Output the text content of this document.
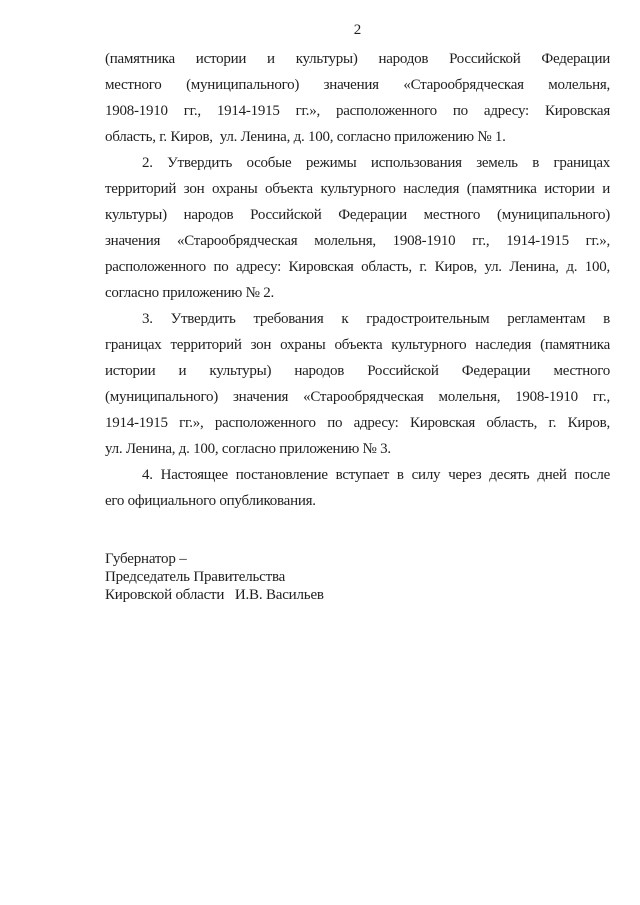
2
(памятника истории и культуры) народов Российской Федерации
местного (муниципального) значения «Старообрядческая молельня,
1908-1910 гг., 1914-1915 гг.», расположенного по адресу: Кировская
область, г. Киров,  ул. Ленина, д. 100, согласно приложению № 1.
2. Утвердить особые режимы использования земель в границах
территорий зон охраны объекта культурного наследия (памятника истории и
культуры) народов Российской Федерации местного (муниципального)
значения «Старообрядческая молельня, 1908-1910 гг., 1914-1915 гг.»,
расположенного по адресу: Кировская область, г. Киров, ул. Ленина, д. 100,
согласно приложению № 2.
3. Утвердить требования к градостроительным регламентам в
границах территорий зон охраны объекта культурного наследия (памятника
истории и культуры) народов Российской Федерации местного
(муниципального) значения «Старообрядческая молельня, 1908-1910 гг.,
1914-1915 гг.», расположенного по адресу: Кировская область, г. Киров,
ул. Ленина, д. 100, согласно приложению № 3.
4. Настоящее постановление вступает в силу через десять дней после
его официального опубликования.
Губернатор –
Председатель Правительства
Кировской области   И.В. Васильев
